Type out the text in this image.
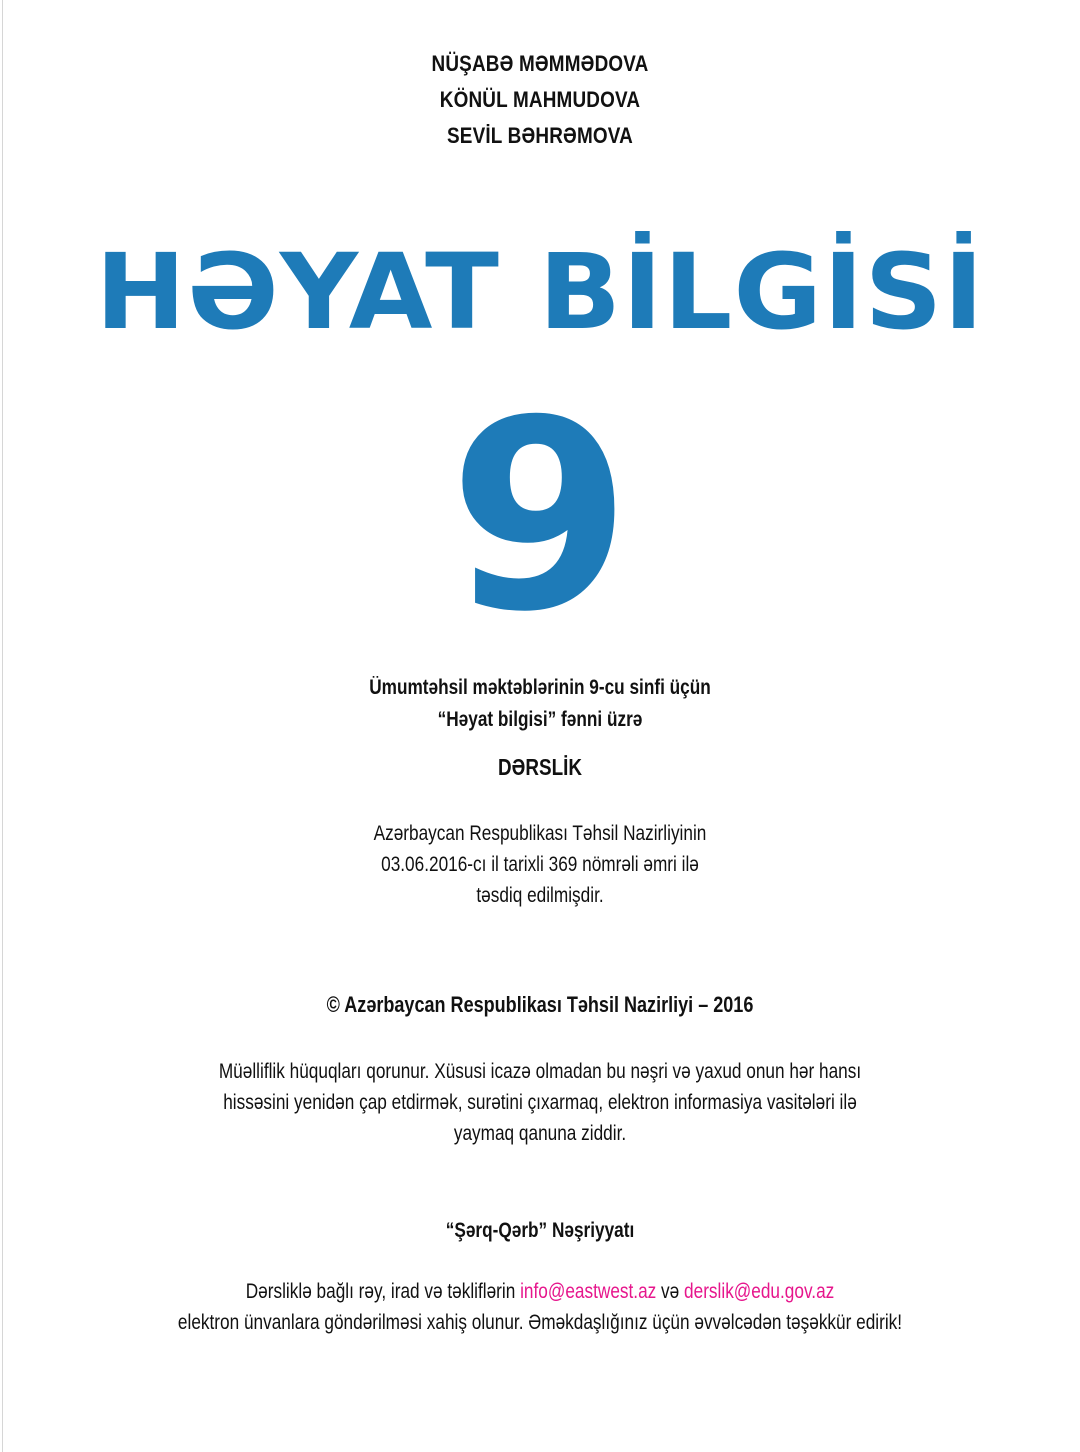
NÜŞABƏ MƏMMƏDOVA
KÖNÜL MAHMUDOVA
SEVİL BƏHRƏMOVA
HƏYAT BİLGİSİ
9
Ümumtəhsil məktəblərinin 9-cu sinfi üçün
“Həyat bilgisi” fənni üzrə
DƏRSLİK
Azərbaycan Respublikası Təhsil Nazirliyinin
03.06.2016-cı il tarixli 369 nömrəli əmri ilə
təsdiq edilmişdir.
© Azərbaycan Respublikası Təhsil Nazirliyi – 2016
Müəlliflik hüquqları qorunur. Xüsusi icazə olmadan bu nəşri və yaxud onun hər hansı
hissəsini yenidən çap etdirmək, surətini çıxarmaq, elektron informasiya vasitələri ilə
yaymaq qanuna ziddir.
“Şərq-Qərb” Nəşriyyatı
Dərsliklə bağlı rəy, irad və təkliflərin info@eastwest.az və derslik@edu.gov.az
elektron ünvanlara göndərilməsi xahiş olunur. Əməkdaşlığınız üçün əvvəlcədən təşəkkür edirik!
